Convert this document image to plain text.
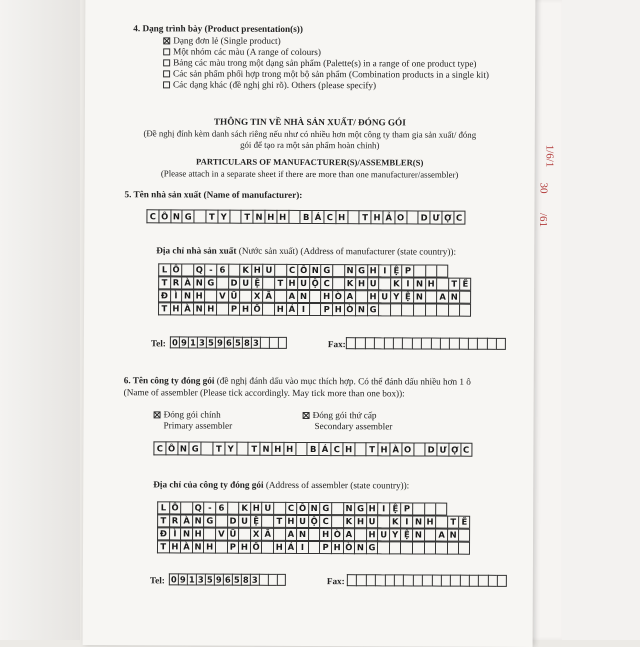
1/6/1
30
/61
4. Dạng trình bày (Product presentation(s))
Dạng đơn lẻ (Single product)
Một nhóm các màu (A range of colours)
Bảng các màu trong một dạng sản phẩm (Palette(s) in a range of one product type)
Các sản phẩm phối hợp trong một bộ sản phẩm (Combination products in a single kit)
Các dạng khác (đề nghị ghi rõ). Others (please specify)
THÔNG TIN VỀ NHÀ SẢN XUẤT/ ĐÓNG GÓI
(Đề nghị đính kèm danh sách riêng nếu như có nhiều hơn một công ty tham gia sản xuất/ đóng
gói để tạo ra một sản phẩm hoàn chỉnh)
PARTICULARS OF MANUFACTURER(S)/ASSEMBLER(S)
(Please attach in a separate sheet if there are more than one manufacturer/assembler)
5. Tên nhà sản xuất (Name of manufacturer):
C Ô N G	T Y	T N H H	B Á C H	T H Ả O	D Ư Ợ C
Địa chỉ nhà sản xuất (Nước sản xuất) (Address of manufacturer (state country)):
L Ô	Q - 6	K H U	C Ô N G	N G H I Ệ P
T R À N G	D U Ệ	T H U Ộ C	K H U	K I N H	T Ế
Đ Ì N H	V Ũ	X Ã	A N	H Ò A	H U Y Ệ N	A N
T H À N H	P H Ố	H Ả I	P H Ò N G
Tel: 0 9 1 3 5 9 6 5 8 3	Fax:
6. Tên công ty đóng gói (đề nghị đánh dấu vào mục thích hợp. Có thể đánh dấu nhiều hơn 1 ô
(Name of assembler (Please tick accordingly. May tick more than one box)):
Đóng gói chính
Primary assembler
Đóng gói thứ cấp
Secondary assembler
C Ô N G	T Y	T N H H	B Á C H	T H À O	D Ư Ợ C
Địa chỉ của công ty đóng gói (Address of assembler (state country)):
L Ô	Q - 6	K H U	C Ô N G	N G H I Ệ P
T R À N G	D U Ệ	T H U Ộ C	K H U	K I N H	T Ế
Đ Ì N H	V Ũ	X Ã	A N	H Ò A	H U Y Ệ N	A N
T H À N H	P H Ố	H Ả I	P H Ò N G
Tel: 0 9 1 3 5 9 6 5 8 3	Fax:
